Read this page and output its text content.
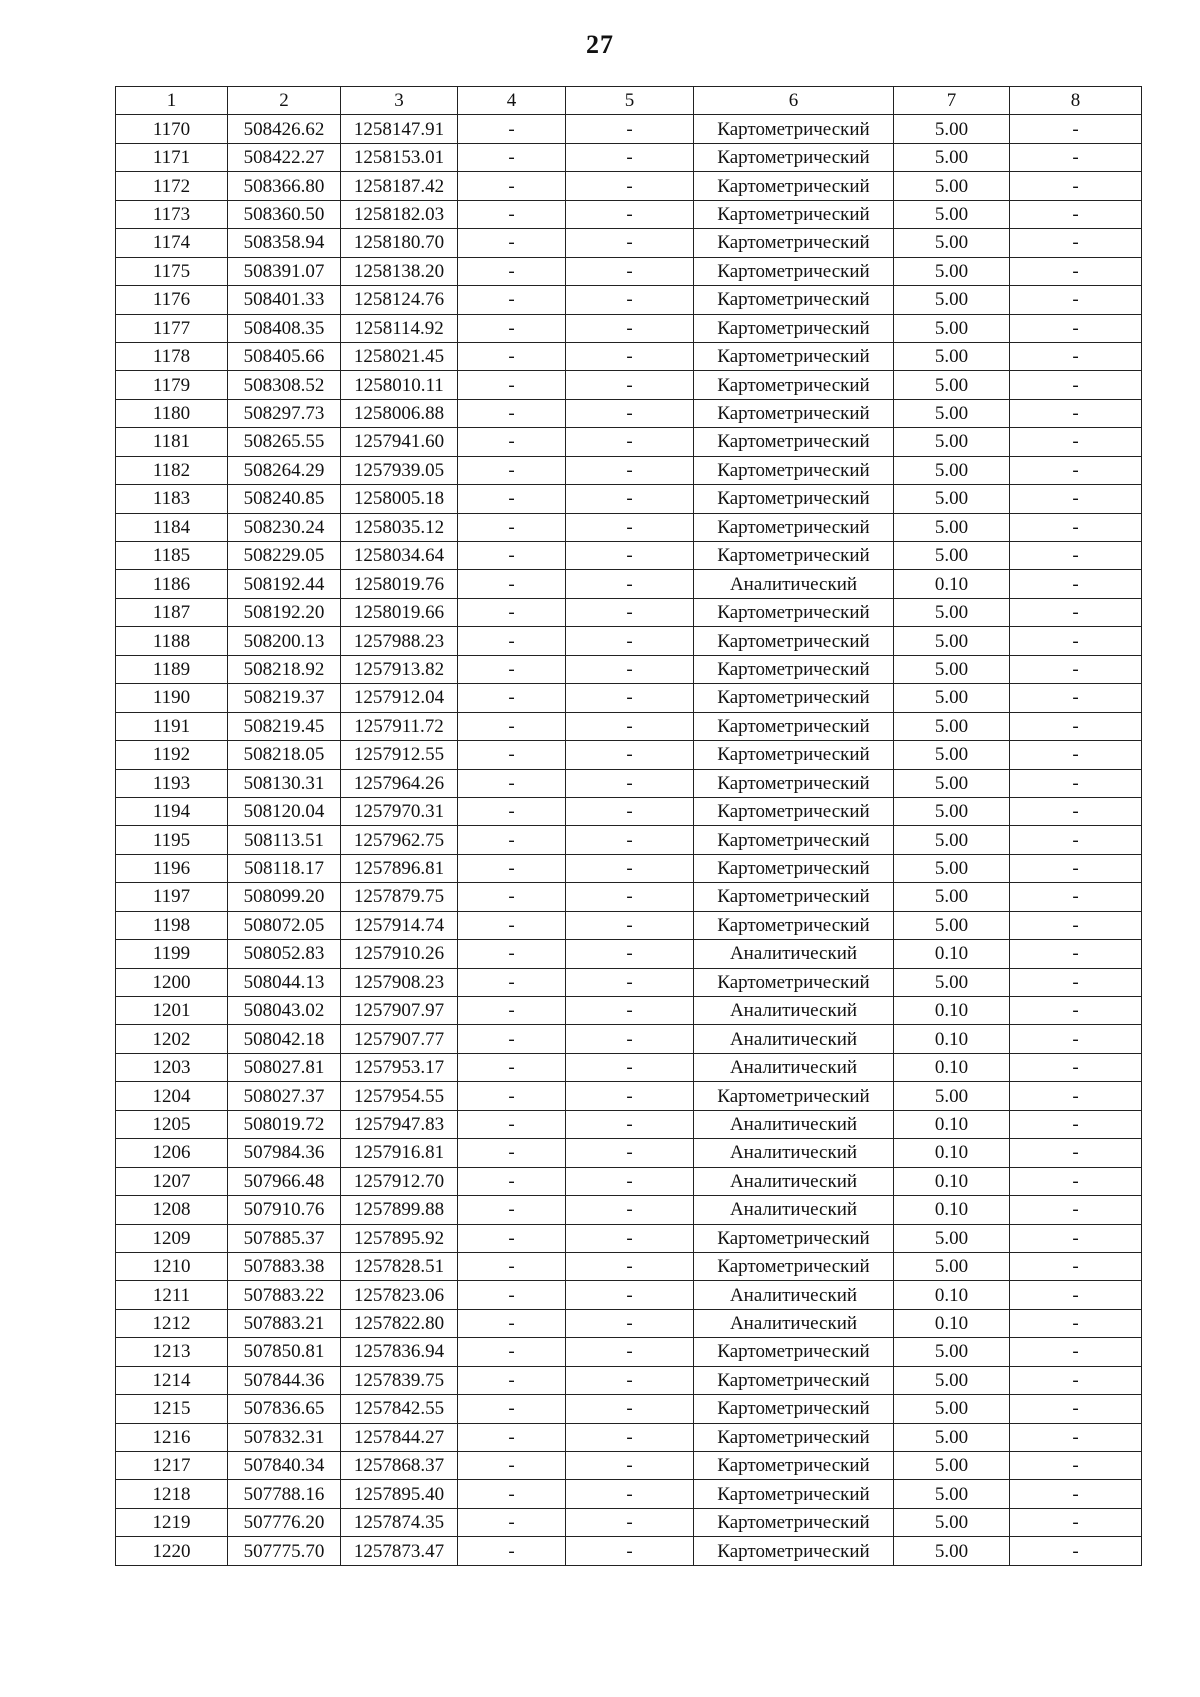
27
1	2	3	4	5	6	7	8
1170	508426.62	1258147.91	-	-	Картометрический	5.00	-
1171	508422.27	1258153.01	-	-	Картометрический	5.00	-
1172	508366.80	1258187.42	-	-	Картометрический	5.00	-
1173	508360.50	1258182.03	-	-	Картометрический	5.00	-
1174	508358.94	1258180.70	-	-	Картометрический	5.00	-
1175	508391.07	1258138.20	-	-	Картометрический	5.00	-
1176	508401.33	1258124.76	-	-	Картометрический	5.00	-
1177	508408.35	1258114.92	-	-	Картометрический	5.00	-
1178	508405.66	1258021.45	-	-	Картометрический	5.00	-
1179	508308.52	1258010.11	-	-	Картометрический	5.00	-
1180	508297.73	1258006.88	-	-	Картометрический	5.00	-
1181	508265.55	1257941.60	-	-	Картометрический	5.00	-
1182	508264.29	1257939.05	-	-	Картометрический	5.00	-
1183	508240.85	1258005.18	-	-	Картометрический	5.00	-
1184	508230.24	1258035.12	-	-	Картометрический	5.00	-
1185	508229.05	1258034.64	-	-	Картометрический	5.00	-
1186	508192.44	1258019.76	-	-	Аналитический	0.10	-
1187	508192.20	1258019.66	-	-	Картометрический	5.00	-
1188	508200.13	1257988.23	-	-	Картометрический	5.00	-
1189	508218.92	1257913.82	-	-	Картометрический	5.00	-
1190	508219.37	1257912.04	-	-	Картометрический	5.00	-
1191	508219.45	1257911.72	-	-	Картометрический	5.00	-
1192	508218.05	1257912.55	-	-	Картометрический	5.00	-
1193	508130.31	1257964.26	-	-	Картометрический	5.00	-
1194	508120.04	1257970.31	-	-	Картометрический	5.00	-
1195	508113.51	1257962.75	-	-	Картометрический	5.00	-
1196	508118.17	1257896.81	-	-	Картометрический	5.00	-
1197	508099.20	1257879.75	-	-	Картометрический	5.00	-
1198	508072.05	1257914.74	-	-	Картометрический	5.00	-
1199	508052.83	1257910.26	-	-	Аналитический	0.10	-
1200	508044.13	1257908.23	-	-	Картометрический	5.00	-
1201	508043.02	1257907.97	-	-	Аналитический	0.10	-
1202	508042.18	1257907.77	-	-	Аналитический	0.10	-
1203	508027.81	1257953.17	-	-	Аналитический	0.10	-
1204	508027.37	1257954.55	-	-	Картометрический	5.00	-
1205	508019.72	1257947.83	-	-	Аналитический	0.10	-
1206	507984.36	1257916.81	-	-	Аналитический	0.10	-
1207	507966.48	1257912.70	-	-	Аналитический	0.10	-
1208	507910.76	1257899.88	-	-	Аналитический	0.10	-
1209	507885.37	1257895.92	-	-	Картометрический	5.00	-
1210	507883.38	1257828.51	-	-	Картометрический	5.00	-
1211	507883.22	1257823.06	-	-	Аналитический	0.10	-
1212	507883.21	1257822.80	-	-	Аналитический	0.10	-
1213	507850.81	1257836.94	-	-	Картометрический	5.00	-
1214	507844.36	1257839.75	-	-	Картометрический	5.00	-
1215	507836.65	1257842.55	-	-	Картометрический	5.00	-
1216	507832.31	1257844.27	-	-	Картометрический	5.00	-
1217	507840.34	1257868.37	-	-	Картометрический	5.00	-
1218	507788.16	1257895.40	-	-	Картометрический	5.00	-
1219	507776.20	1257874.35	-	-	Картометрический	5.00	-
1220	507775.70	1257873.47	-	-	Картометрический	5.00	-
